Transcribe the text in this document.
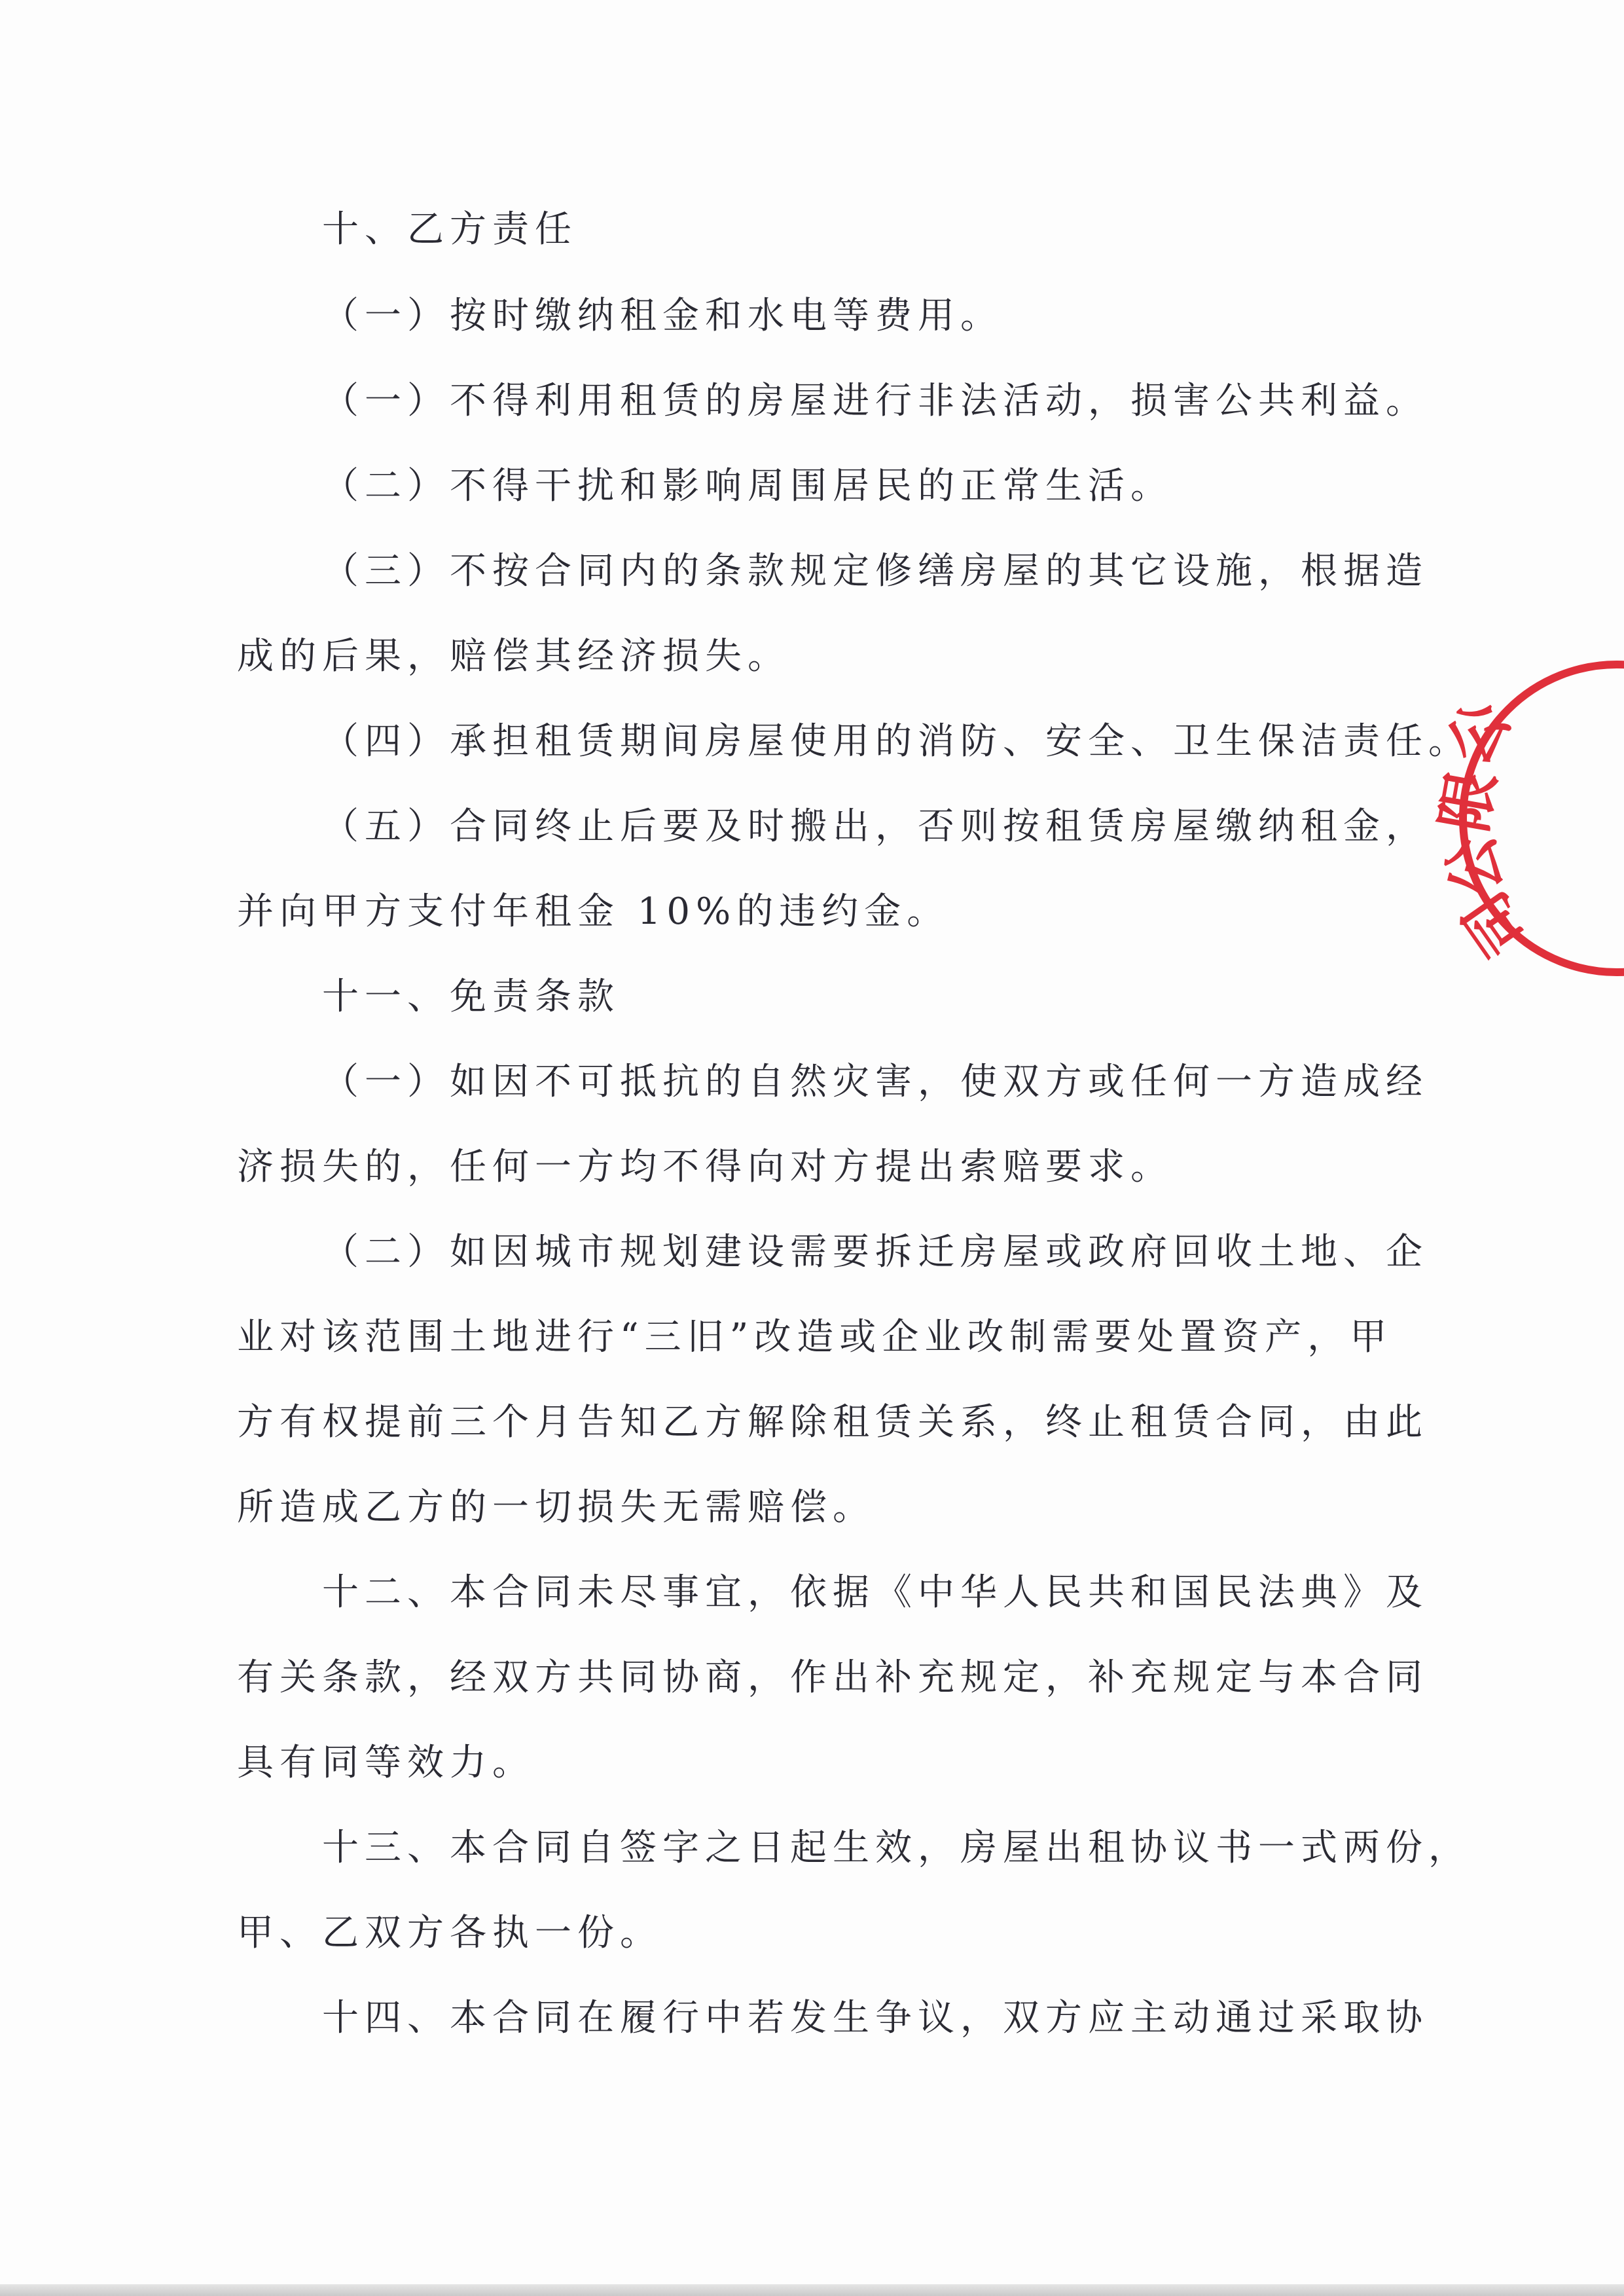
十、乙方责任
（一）按时缴纳租金和水电等费用。
（一）不得利用租赁的房屋进行非法活动，损害公共利益。
（二）不得干扰和影响周围居民的正常生活。
（三）不按合同内的条款规定修缮房屋的其它设施，根据造
成的后果，赔偿其经济损失。
（四）承担租赁期间房屋使用的消防、安全、卫生保洁责任。
（五）合同终止后要及时搬出，否则按租赁房屋缴纳租金，
并向甲方支付年租金 10%的违约金。
十一、免责条款
（一）如因不可抵抗的自然灾害，使双方或任何一方造成经
济损失的，任何一方均不得向对方提出索赔要求。
（二）如因城市规划建设需要拆迁房屋或政府回收土地、企
业对该范围土地进行“三旧”改造或企业改制需要处置资产，甲
方有权提前三个月告知乙方解除租赁关系，终止租赁合同，由此
所造成乙方的一切损失无需赔偿。
十二、本合同未尽事宜，依据《中华人民共和国民法典》及
有关条款，经双方共同协商，作出补充规定，补充规定与本合同
具有同等效力。
十三、本合同自签字之日起生效，房屋出租协议书一式两份，
甲、乙双方各执一份。
十四、本合同在履行中若发生争议，双方应主动通过采取协
公
限
公
司
